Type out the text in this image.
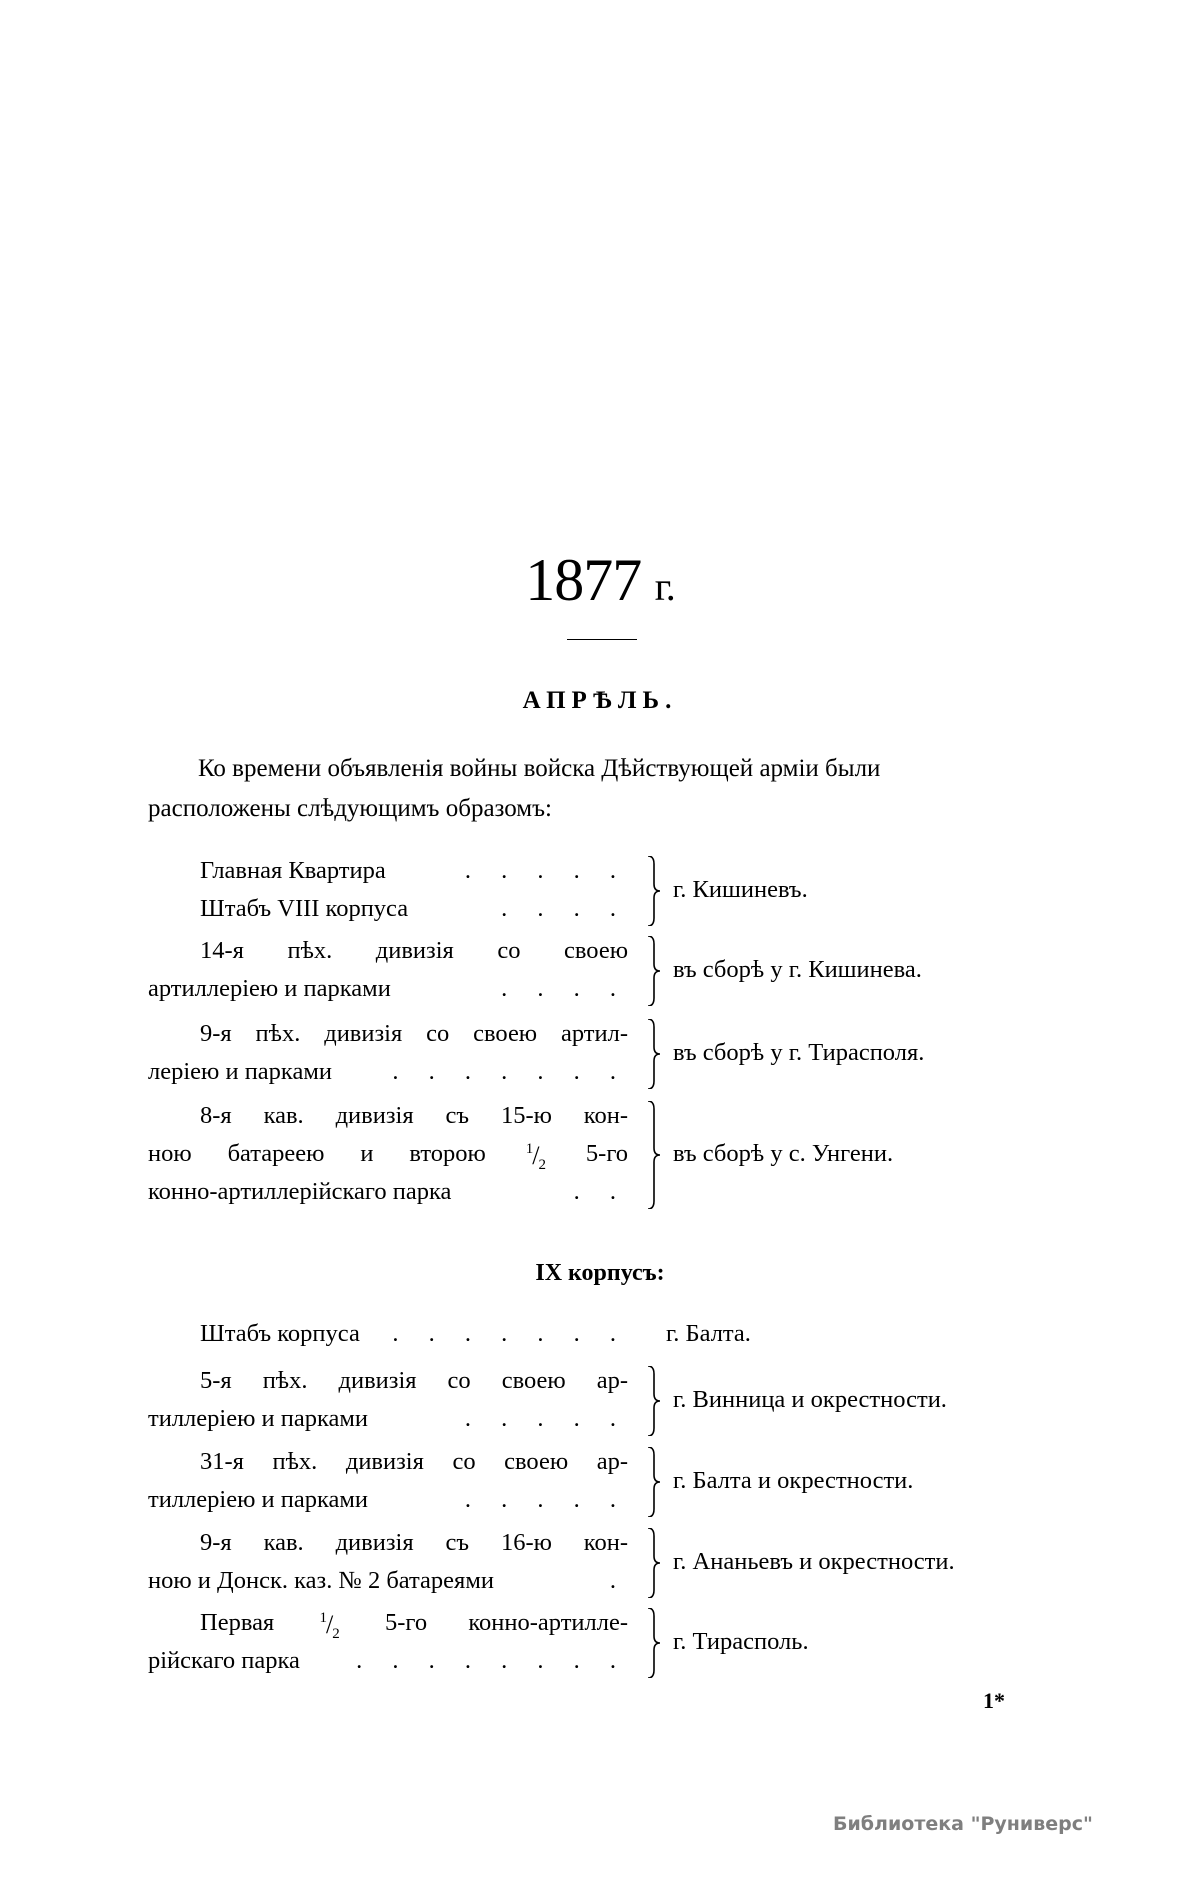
1877 г.
АПРѢЛЬ.
Ко времени объявленія войны войска Дѣйствующей арміи были
расположены слѣдующимъ образомъ:
Главная Квартира	. . . . .
Штабъ VIII корпуса	. . . .
г. Кишиневъ.
14-я пѣх. дивизія со своею
артиллеріею и парками	. . . .
въ сборѣ у г. Кишинева.
9-я пѣх. дивизія со своею артил-
леріею и парками . . . . . . .
въ сборѣ у г. Тирасполя.
8-я кав. дивизія съ 15-ю кон-
ною батареею и второю	1/2 5-го
конно-артиллерійскаго парка	. .
въ сборѣ у с. Унгени.
IX корпусъ:
Штабъ корпуса . . . . . . . г. Балта.
5-я пѣх. дивизія со своею ар-
тиллеріею и парками	. . . . .
г. Винница и окрестности.
31-я пѣх. дивизія со своею ар-
тиллеріею и парками	. . . . .
г. Балта и окрестности.
9-я кав. дивизія съ 16-ю кон-
ною и Донск. каз. № 2 батареями	.
г. Ананьевъ и окрестности.
Первая	1/2 5-го конно-артилле-
рійскаго парка . . . . . . . .
г. Тирасполь.
1*
Библиотека "Руниверс"
